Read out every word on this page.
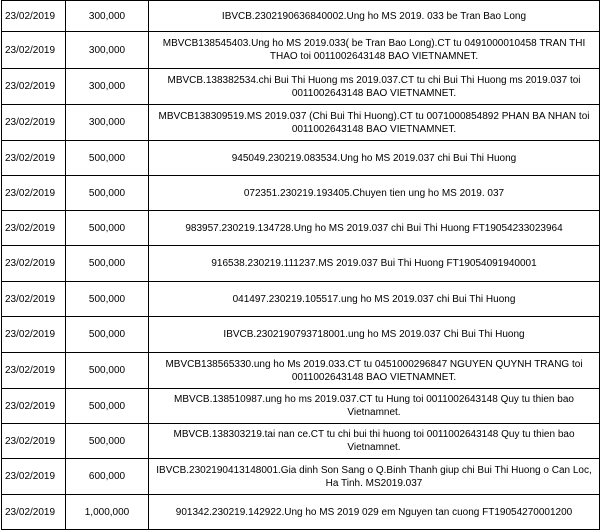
23/02/2019	300,000	IBVCB.2302190636840002.Ung ho MS 2019. 033 be Tran Bao Long
23/02/2019	300,000	MBVCB138545403.Ung ho MS 2019.033( be Tran Bao Long).CT tu 0491000010458 TRAN THI THAO toi 0011002643148 BAO VIETNAMNET.
23/02/2019	300,000	MBVCB.138382534.chi Bui Thi Huong ms 2019.037.CT tu chi Bui Thi Huong ms 2019.037 toi 0011002643148 BAO VIETNAMNET.
23/02/2019	300,000	MBVCB138309519.MS 2019.037 (Chi Bui Thi Huong).CT tu 0071000854892 PHAN BA NHAN toi 0011002643148 BAO VIETNAMNET.
23/02/2019	500,000	945049.230219.083534.Ung ho MS 2019.037 chi Bui Thi Huong
23/02/2019	500,000	072351.230219.193405.Chuyen tien ung ho MS 2019. 037
23/02/2019	500,000	983957.230219.134728.Ung ho MS 2019.037 chi Bui Thi Huong FT19054233023964
23/02/2019	500,000	916538.230219.111237.MS 2019.037 Bui Thi Huong FT19054091940001
23/02/2019	500,000	041497.230219.105517.ung ho MS 2019.037 chi Bui Thi Huong
23/02/2019	500,000	IBVCB.2302190793718001.ung ho MS 2019.037 Chi Bui Thi Huong
23/02/2019	500,000	MBVCB138565330.ung ho Ms 2019.033.CT tu 0451000296847 NGUYEN QUYNH TRANG toi 0011002643148 BAO VIETNAMNET.
23/02/2019	500,000	MBVCB.138510987.ung ho ms 2019.037.CT tu Hung toi 0011002643148 Quy tu thien bao Vietnamnet.
23/02/2019	500,000	MBVCB.138303219.tai nan ce.CT tu chi bui thi huong toi 0011002643148 Quy tu thien bao Vietnamnet.
23/02/2019	600,000	IBVCB.2302190413148001.Gia dinh Son Sang o Q.Binh Thanh giup chi Bui Thi Huong o Can Loc, Ha Tinh. MS2019.037
23/02/2019	1,000,000	901342.230219.142922.Ung ho MS 2019 029 em Nguyen tan cuong FT19054270001200
